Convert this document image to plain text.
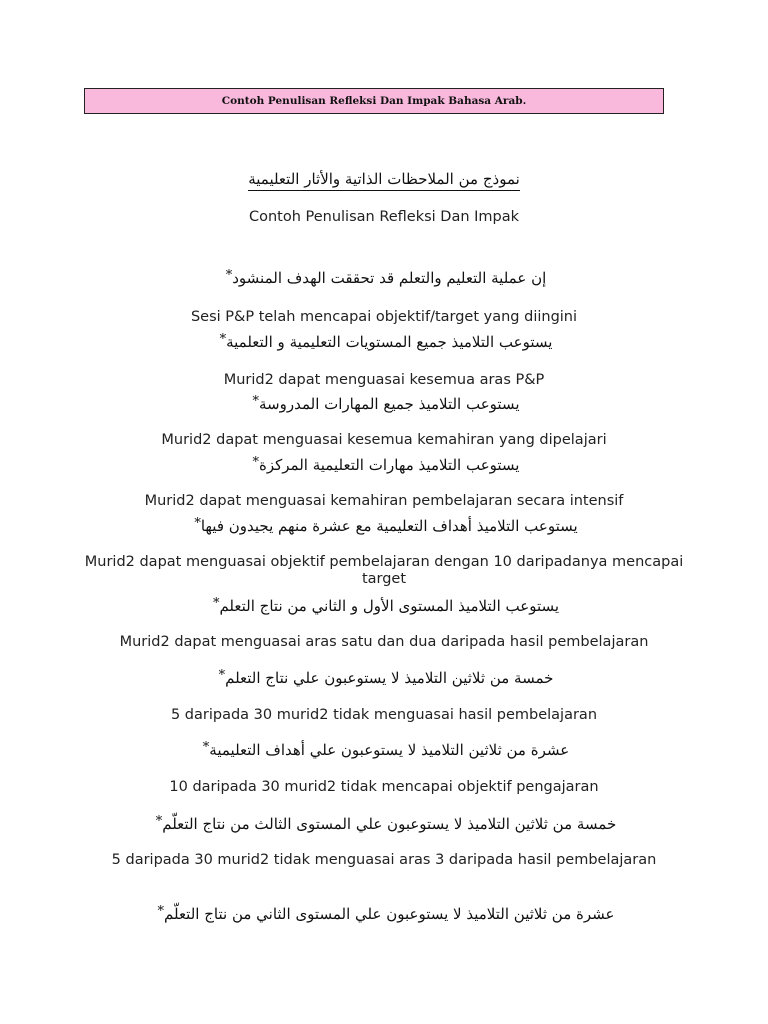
Contoh Penulisan Refleksi Dan Impak Bahasa Arab.
نموذج من الملاحظات الذاتية والأثار التعليمية
Contoh Penulisan Refleksi Dan Impak
إن عملية التعليم والتعلم قد تحققت الهدف المنشود*
Sesi P&P telah mencapai objektif/target yang diingini
يستوعب التلاميذ جميع المستويات التعليمية و التعلمية*
Murid2 dapat menguasai kesemua aras P&P
يستوعب التلاميذ جميع المهارات المدروسة*
Murid2 dapat menguasai kesemua kemahiran yang dipelajari
يستوعب التلاميذ مهارات التعليمية المركزة*
Murid2 dapat menguasai kemahiran pembelajaran secara intensif
يستوعب التلاميذ أهداف التعليمية مع عشرة منهم يجيدون فيها*
Murid2 dapat menguasai objektif pembelajaran dengan 10 daripadanya mencapai target
يستوعب التلاميذ المستوى الأول و الثاني من نتاج التعلم*
Murid2 dapat menguasai aras satu dan dua daripada hasil pembelajaran
خمسة من ثلاثين التلاميذ لا يستوعبون علي نتاج التعلم*
5 daripada 30 murid2 tidak menguasai hasil pembelajaran
عشرة من ثلاثين التلاميذ لا يستوعبون علي أهداف التعليمية*
10 daripada 30 murid2 tidak mencapai objektif pengajaran
خمسة من ثلاثين التلاميذ لا يستوعبون علي المستوى الثالث من نتاج التعلّم*
5 daripada 30 murid2 tidak menguasai aras 3 daripada hasil pembelajaran
عشرة من ثلاثين التلاميذ لا يستوعبون علي المستوى الثاني من نتاج التعلّم*
